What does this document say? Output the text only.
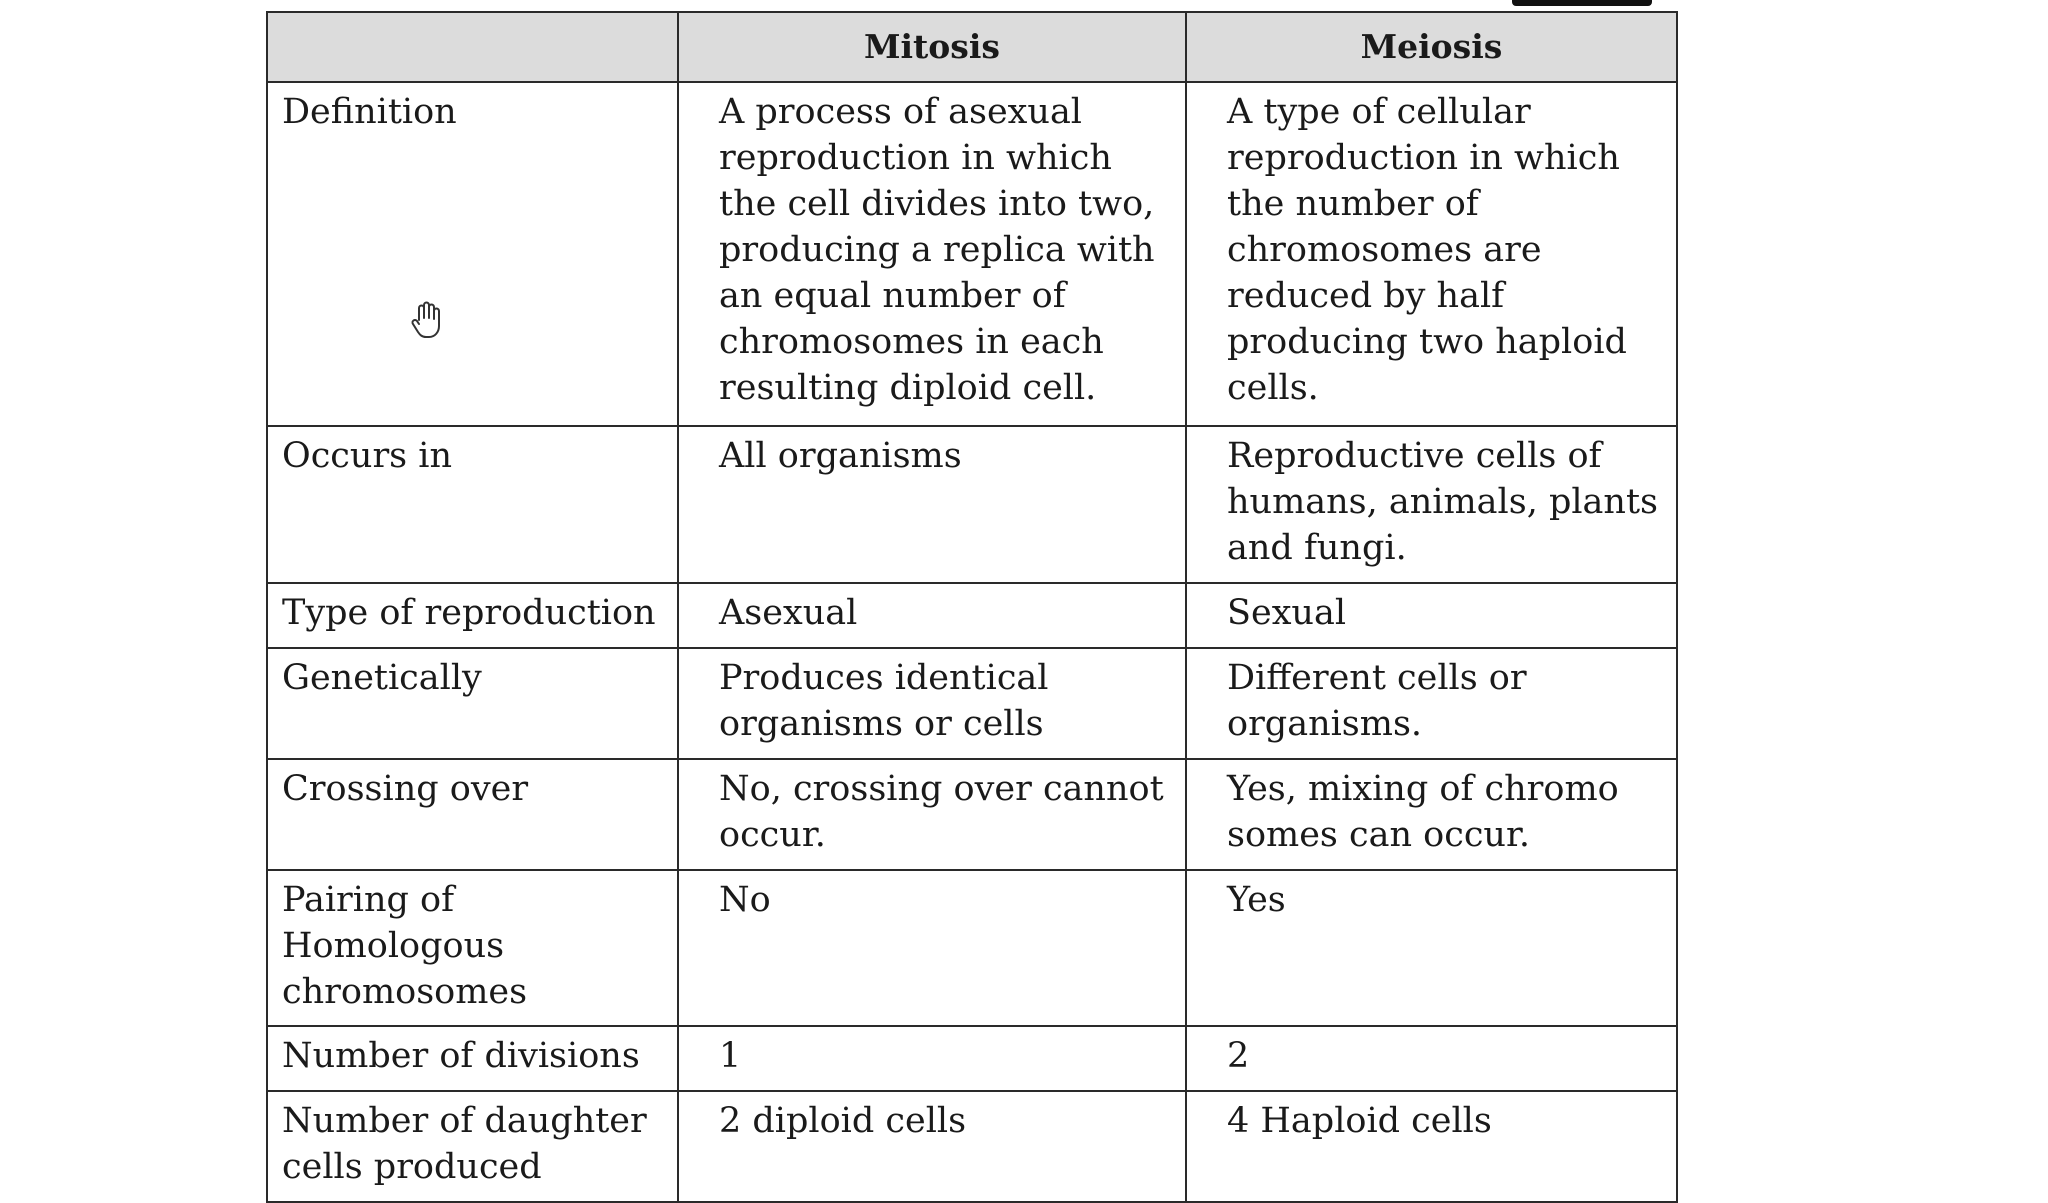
	Mitosis	Meiosis
Definition	A process of asexual reproduction in which the cell divides into two, producing a replica with an equal number of chromosomes in each resulting diploid cell.	A type of cellular reproduction in which the number of chromosomes are reduced by half producing two haploid cells.
Occurs in	All organisms	Reproductive cells of humans, animals, plants and fungi.
Type of reproduction	Asexual	Sexual
Genetically	Produces identical organisms or cells	Different cells or organisms.
Crossing over	No, crossing over cannot occur.	Yes, mixing of chromo somes can occur.
Pairing of Homologous chromosomes	No	Yes
Number of divisions	1	2
Number of daughter cells produced	2 diploid cells	4 Haploid cells
